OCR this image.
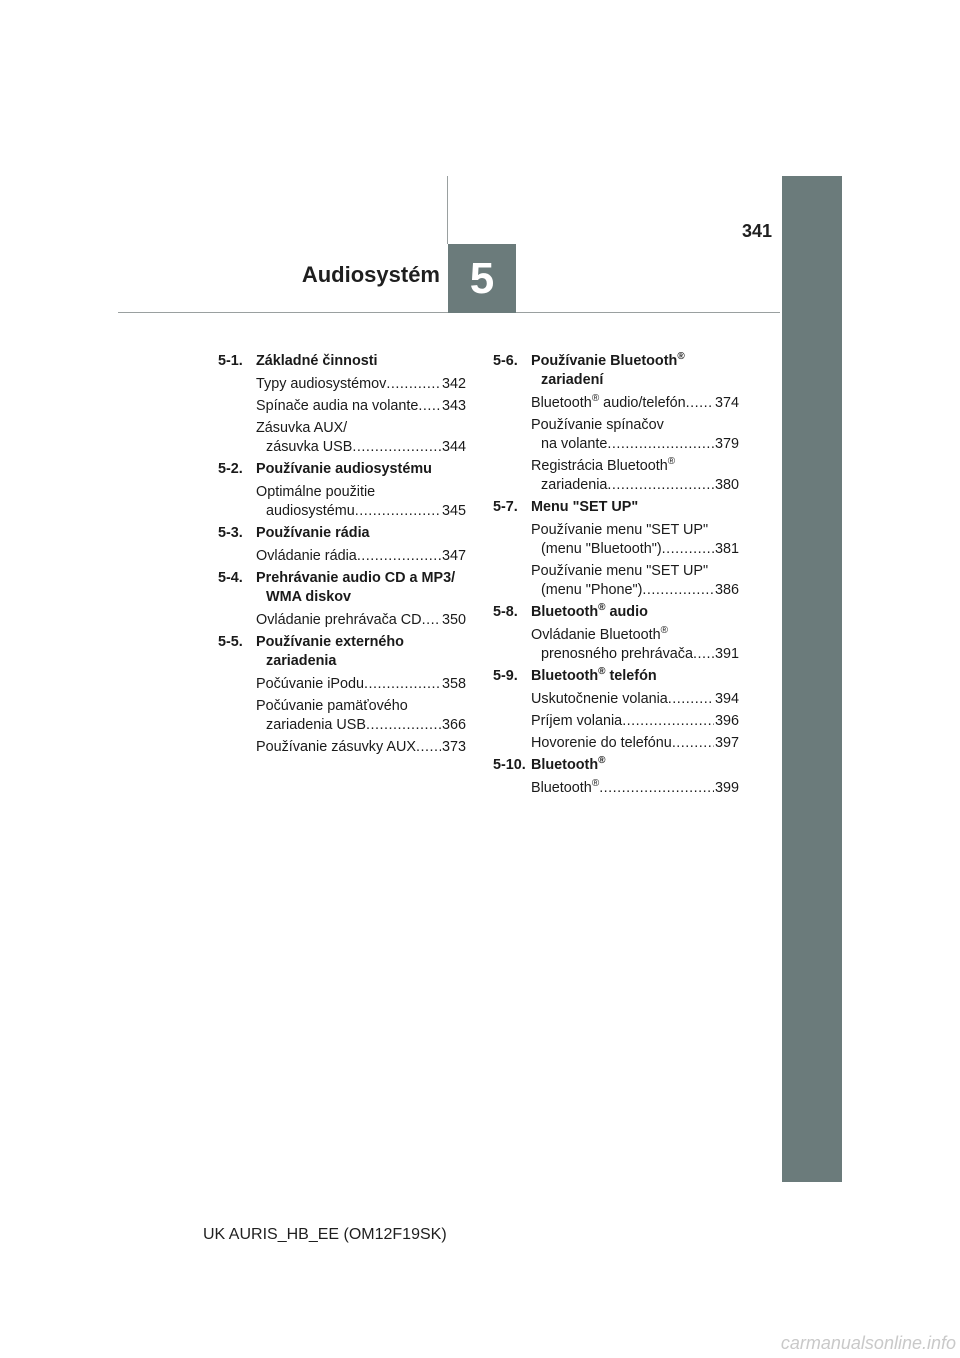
5
Audiosystém
341
5-1. Základné činnosti
Typy audiosystémov .....	342
Spínače audia na volante ..... 343
Zásuvka AUX/
zásuvka USB .....	344
5-2. Používanie audiosystému
Optimálne použitie
audiosystému .....	345
5-3. Používanie rádia
Ovládanie rádia .....	347
5-4. Prehrávanie audio CD a MP3/
WMA diskov
Ovládanie prehrávača CD ..... 350
5-5. Používanie externého
zariadenia
Počúvanie iPodu .....	358
Počúvanie pamäťového
zariadenia USB .....	366
Používanie zásuvky AUX ..... 373
5-6. Používanie Bluetooth®
zariadení
Bluetooth® audio/telefón ..... 374
Používanie spínačov
na volante .....	379
Registrácia Bluetooth®
zariadenia .....	380
5-7. Menu "SET UP"
Používanie menu "SET UP"
(menu "Bluetooth") .....	381
Používanie menu "SET UP"
(menu "Phone") .....	386
5-8. Bluetooth® audio
Ovládanie Bluetooth®
prenosného prehrávača ..... 391
5-9. Bluetooth® telefón
Uskutočnenie volania .....	394
Príjem volania .....	396
Hovorenie do telefónu .....	397
5-10. Bluetooth®
Bluetooth® .....	399
UK AURIS_HB_EE (OM12F19SK)
carmanualsonline.info
